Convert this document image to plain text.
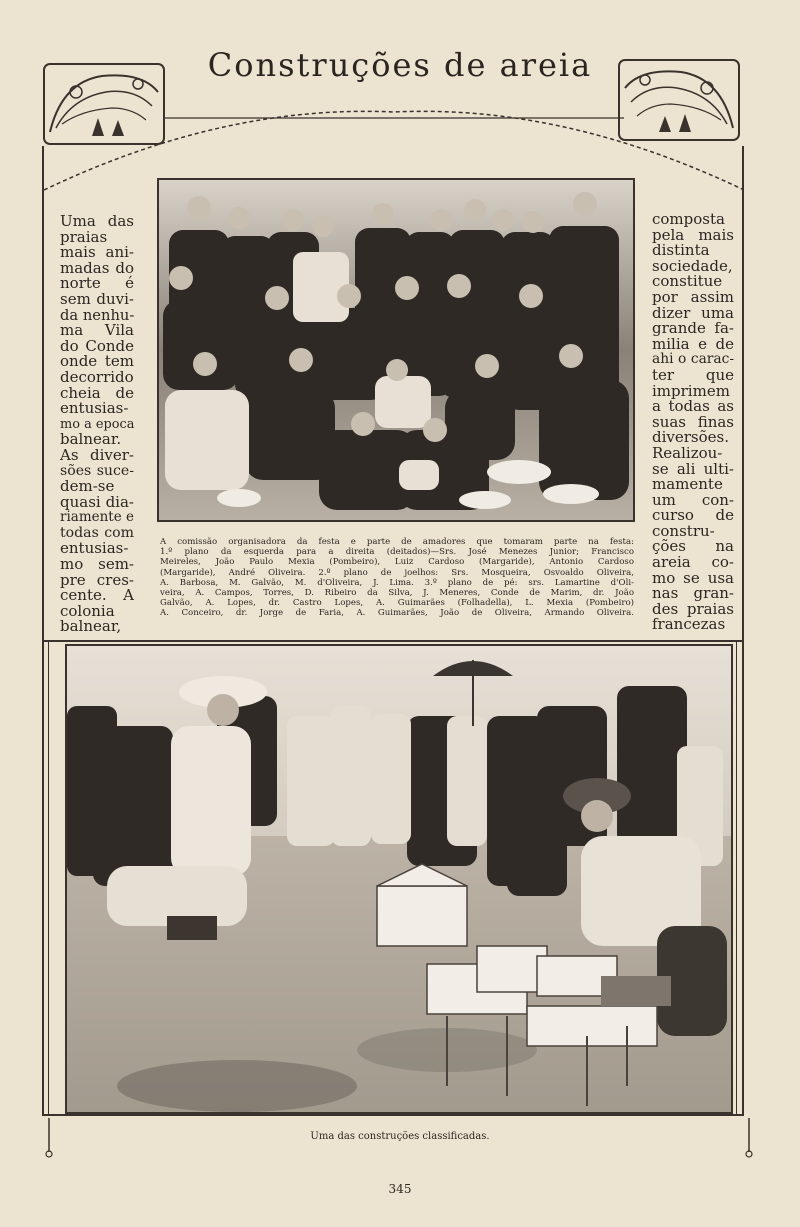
Construções de areia
Uma das
praias
mais ani-
madas do
norte é
sem duvi-
da nenhu-
ma Vila
do Conde
onde tem
decorrido
cheia de
entusias-
mo a epoca
balnear.
As diver-
sões suce-
dem-se
quasi dia-
riamente e
todas com
entusias-
mo sem-
pre cres-
cente. A
colonia
balnear,
composta
pela mais
distinta
sociedade,
constitue
por assim
dizer uma
grande fa-
milia e de
ahi o carac-
ter que
imprimem
a todas as
suas finas
diversões.
Realizou-
se ali ulti-
mamente
um con-
curso de
constru-
ções na
areia co-
mo se usa
nas gran-
des praias
francezas
A comissão organisadora da festa e parte de amadores que tomaram parte na festa:
1.º plano da esquerda para a direita (deitados)—Srs. José Menezes Junior; Francisco
Meireles, João Paulo Mexia (Pombeiro), Luiz Cardoso (Margaride), Antonio Cardoso
(Margaride), André Oliveira. 2.º plano de joelhos: Srs. Mosqueira, Osvoaldo Oliveira,
A. Barbosa, M. Galvão, M. d'Oliveira, J. Lima. 3.º plano de pé: srs. Lamartine d'Oli-
veira, A. Campos, Torres, D. Ribeiro da Silva, J. Meneres, Conde de Marim, dr. João
Galvão, A. Lopes, dr. Castro Lopes, A. Guimarães (Folhadella), L. Mexia (Pombeiro)
A. Conceiro, dr. Jorge de Faria, A. Guimarães, João de Oliveira, Armando Oliveira.
Uma das construções classificadas.
345
